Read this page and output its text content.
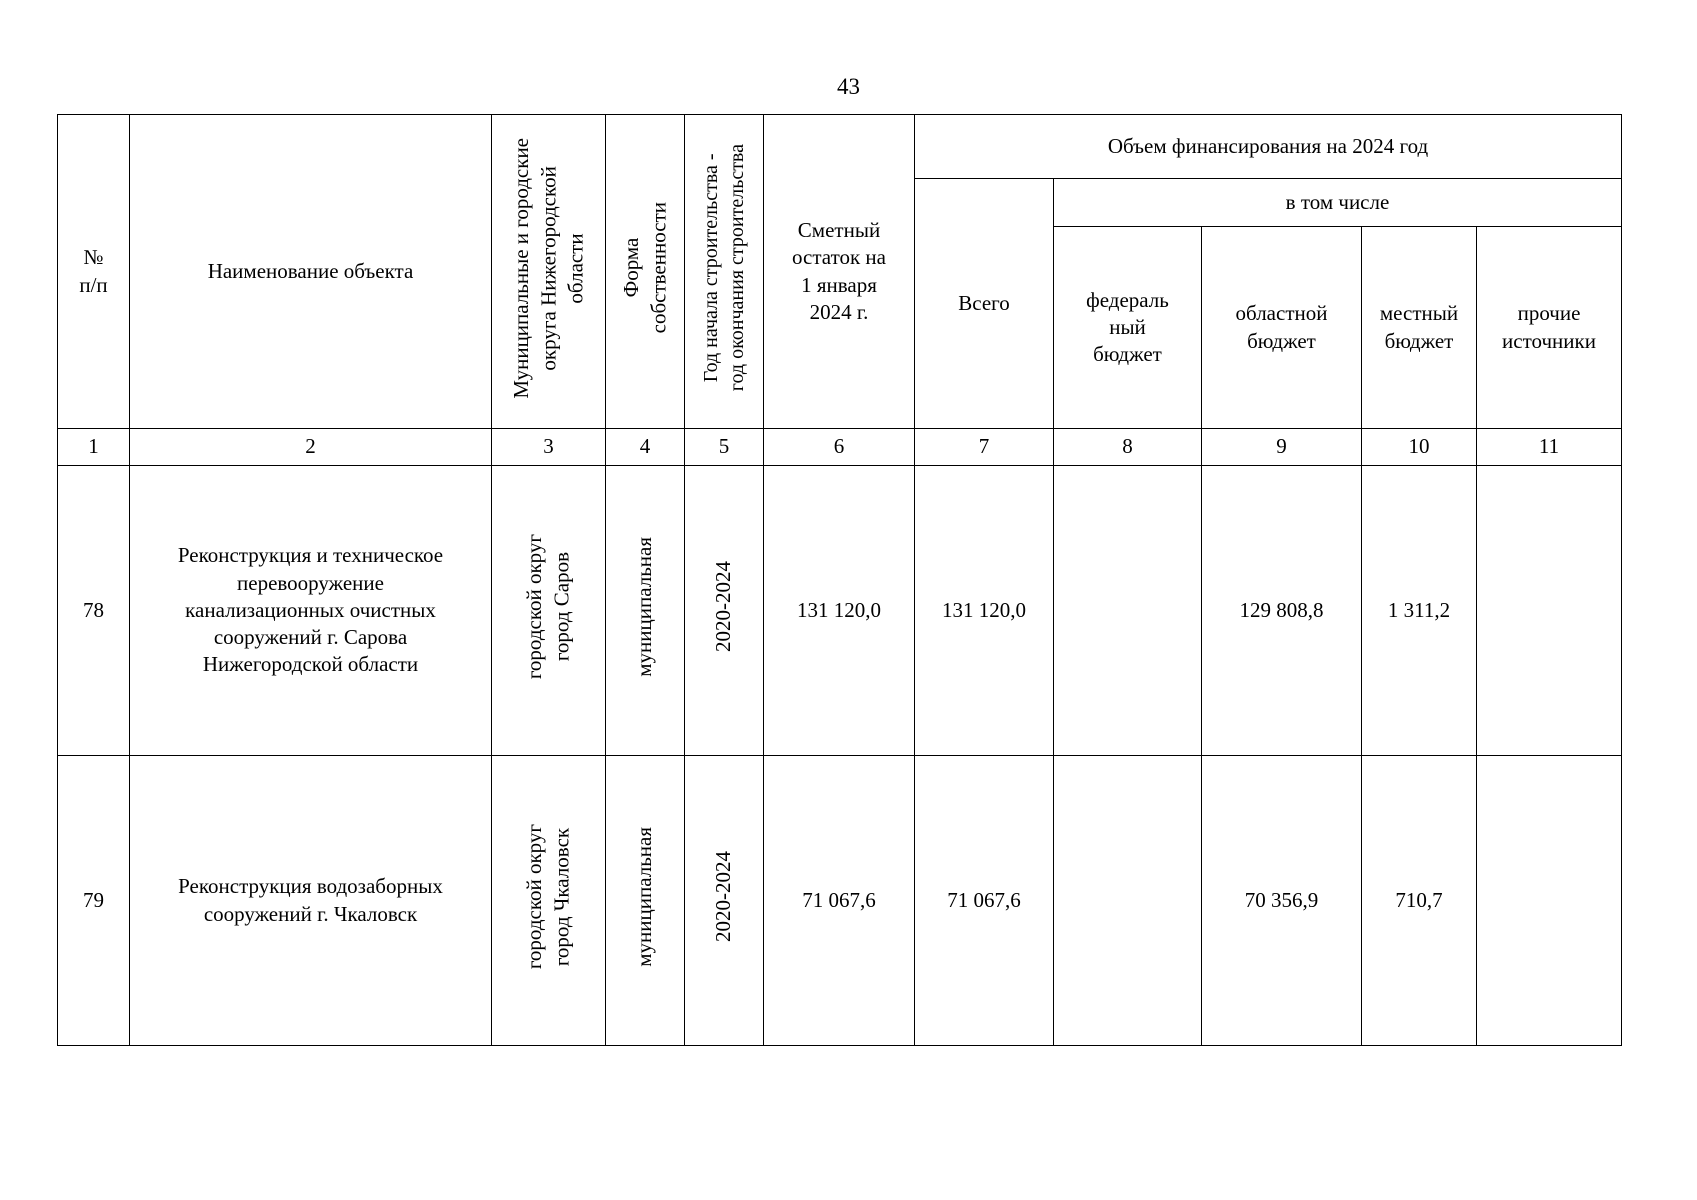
43
№
п/п	Наименование объекта	Муниципальные и городские
округа Нижегородской
области	Форма
собственности	Год начала строительства -
год окончания строительства	Сметный
остаток на
1 января
2024 г.	Объем финансирования на 2024 год				
						Всего	в том числе			
							федераль
ный
бюджет	областной
бюджет	местный
бюджет	прочие
источники
1	2	3	4	5	6	7	8	9	10	11
78	Реконструкция и техническое
перевооружение
канализационных очистных
сооружений г. Сарова
Нижегородской области	городской округ
город Саров	муниципальная	2020-2024	131 120,0	131 120,0		129 808,8	1 311,2	
79	Реконструкция водозаборных
сооружений г. Чкаловск	городской округ
город Чкаловск	муниципальная	2020-2024	71 067,6	71 067,6		70 356,9	710,7	
